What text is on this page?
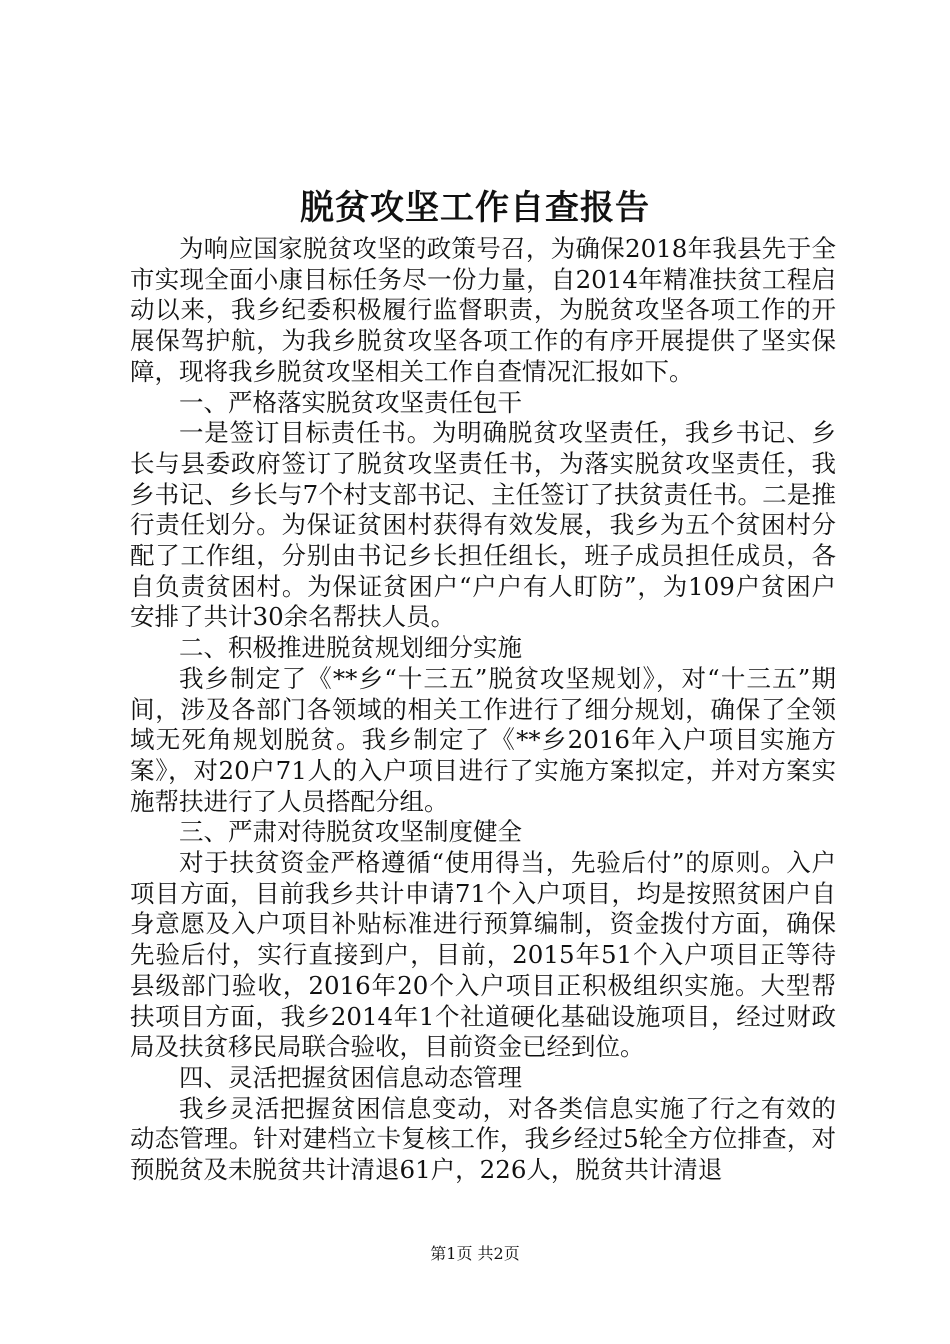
脱贫攻坚工作自查报告

为响应国家脱贫攻坚的政策号召，为确保2018年我县先于全市实现全面小康目标任务尽一份力量，自2014年精准扶贫工程启动以来，我乡纪委积极履行监督职责，为脱贫攻坚各项工作的开展保驾护航，为我乡脱贫攻坚各项工作的有序开展提供了坚实保障，现将我乡脱贫攻坚相关工作自查情况汇报如下。

一、严格落实脱贫攻坚责任包干

一是签订目标责任书。为明确脱贫攻坚责任，我乡书记、乡长与县委政府签订了脱贫攻坚责任书，为落实脱贫攻坚责任，我乡书记、乡长与7个村支部书记、主任签订了扶贫责任书。二是推行责任划分。为保证贫困村获得有效发展，我乡为五个贫困村分配了工作组，分别由书记乡长担任组长，班子成员担任成员，各自负责贫困村。为保证贫困户“户户有人盯防”，为109户贫困户安排了共计30余名帮扶人员。

二、积极推进脱贫规划细分实施

我乡制定了《**乡“十三五”脱贫攻坚规划》，对“十三五”期间，涉及各部门各领域的相关工作进行了细分规划，确保了全领域无死角规划脱贫。我乡制定了《**乡2016年入户项目实施方案》，对20户71人的入户项目进行了实施方案拟定，并对方案实施帮扶进行了人员搭配分组。

三、严肃对待脱贫攻坚制度健全

对于扶贫资金严格遵循“使用得当，先验后付”的原则。入户项目方面，目前我乡共计申请71个入户项目，均是按照贫困户自身意愿及入户项目补贴标准进行预算编制，资金拨付方面，确保先验后付，实行直接到户，目前，2015年51个入户项目正等待县级部门验收，2016年20个入户项目正积极组织实施。大型帮扶项目方面，我乡2014年1个社道硬化基础设施项目，经过财政局及扶贫移民局联合验收，目前资金已经到位。

四、灵活把握贫困信息动态管理

我乡灵活把握贫困信息变动，对各类信息实施了行之有效的动态管理。针对建档立卡复核工作，我乡经过5轮全方位排查，对预脱贫及未脱贫共计清退61户，226人，脱贫共计清退

第1页 共2页
